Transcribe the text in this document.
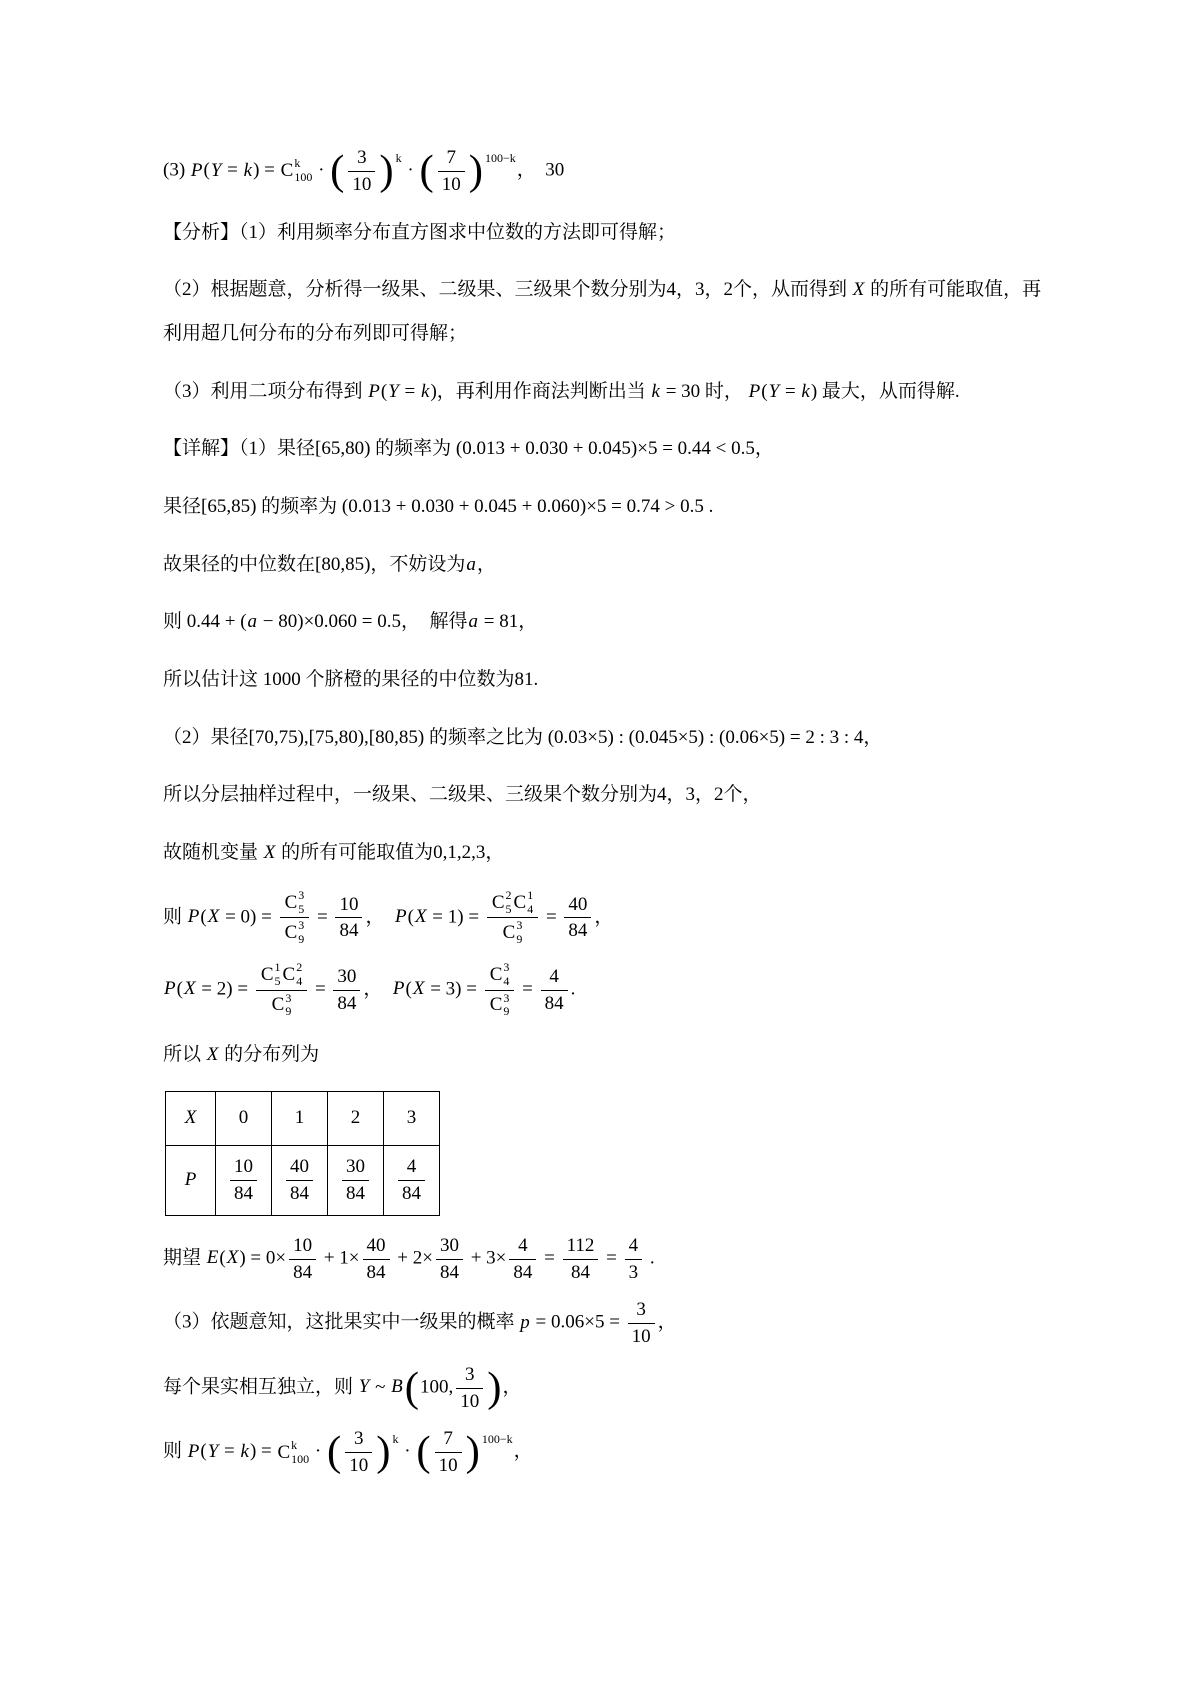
(3) P(Y = k) = C k
100 · ( $\frac{3}{10}$ ) $^k$ · ( $\frac{7}{10}$ ) $^{100-k}$，  30

【分析】（1）利用频率分布直方图求中位数的方法即可得解；

（2）根据题意，分析得一级果、二级果、三级果个数分别为4，3，2个，从而得到 X 的所有可能取值，再利用超几何分布的分布列即可得解；

（3）利用二项分布得到 P(Y = k)，再利用作商法判断出当 k = 30 时， P(Y = k) 最大，从而得解.

【详解】（1）果径[65,80) 的频率为 (0.013 + 0.030 + 0.045)×5 = 0.44 < 0.5，

果径[65,85) 的频率为 (0.013 + 0.030 + 0.045 + 0.060)×5 = 0.74 > 0.5 .

故果径的中位数在[80,85)，不妨设为a，

则 0.44 + (a − 80)×0.060 = 0.5，  解得a = 81，

所以估计这 1000 个脐橙的果径的中位数为81.

（2）果径[70,75),[75,80),[80,85) 的频率之比为 (0.03×5) : (0.045×5) : (0.06×5) = 2 : 3 : 4，

所以分层抽样过程中，一级果、二级果、三级果个数分别为4，3，2个，

故随机变量 X 的所有可能取值为0,1,2,3，

则 P(X = 0) = C 3
5
C 3
$9 = \frac{10}{84}$ ，　P(X = 1) = C 2
5 C 1
4
C 3
$9 = \frac{40}{84}$ ，

P(X = 2) = C 1
5 C 2
4
C 3
$9 = \frac{30}{84}$ ，　P(X = 3) = C 3
4
C 3
$9 = \frac{4}{84}$ .

所以 X 的分布列为

X	0	1	2	3
P	$\frac{10}{84}$	$\frac{40}{84}$	$\frac{30}{84}$	$\frac{4}{84}$

期望 $E(X) = 0\times \frac{10}{84} + 1\times \frac{40}{84} + 2\times \frac{30}{84} + 3\times \frac{4}{84} = \frac{112}{84} = \frac{4}{3}$ .

（3）依题意知，这批果实中一级果的概率 $p = 0.06\times 5 = \frac{3}{10}$ ，

每个果实相互独立，则 Y ~ B(100, $\frac{3}{10}$ )，

则 P(Y = k) = C k
100 · ( $\frac{3}{10}$ ) $^k$ · ( $\frac{7}{10}$ ) $^{100-k}$，
